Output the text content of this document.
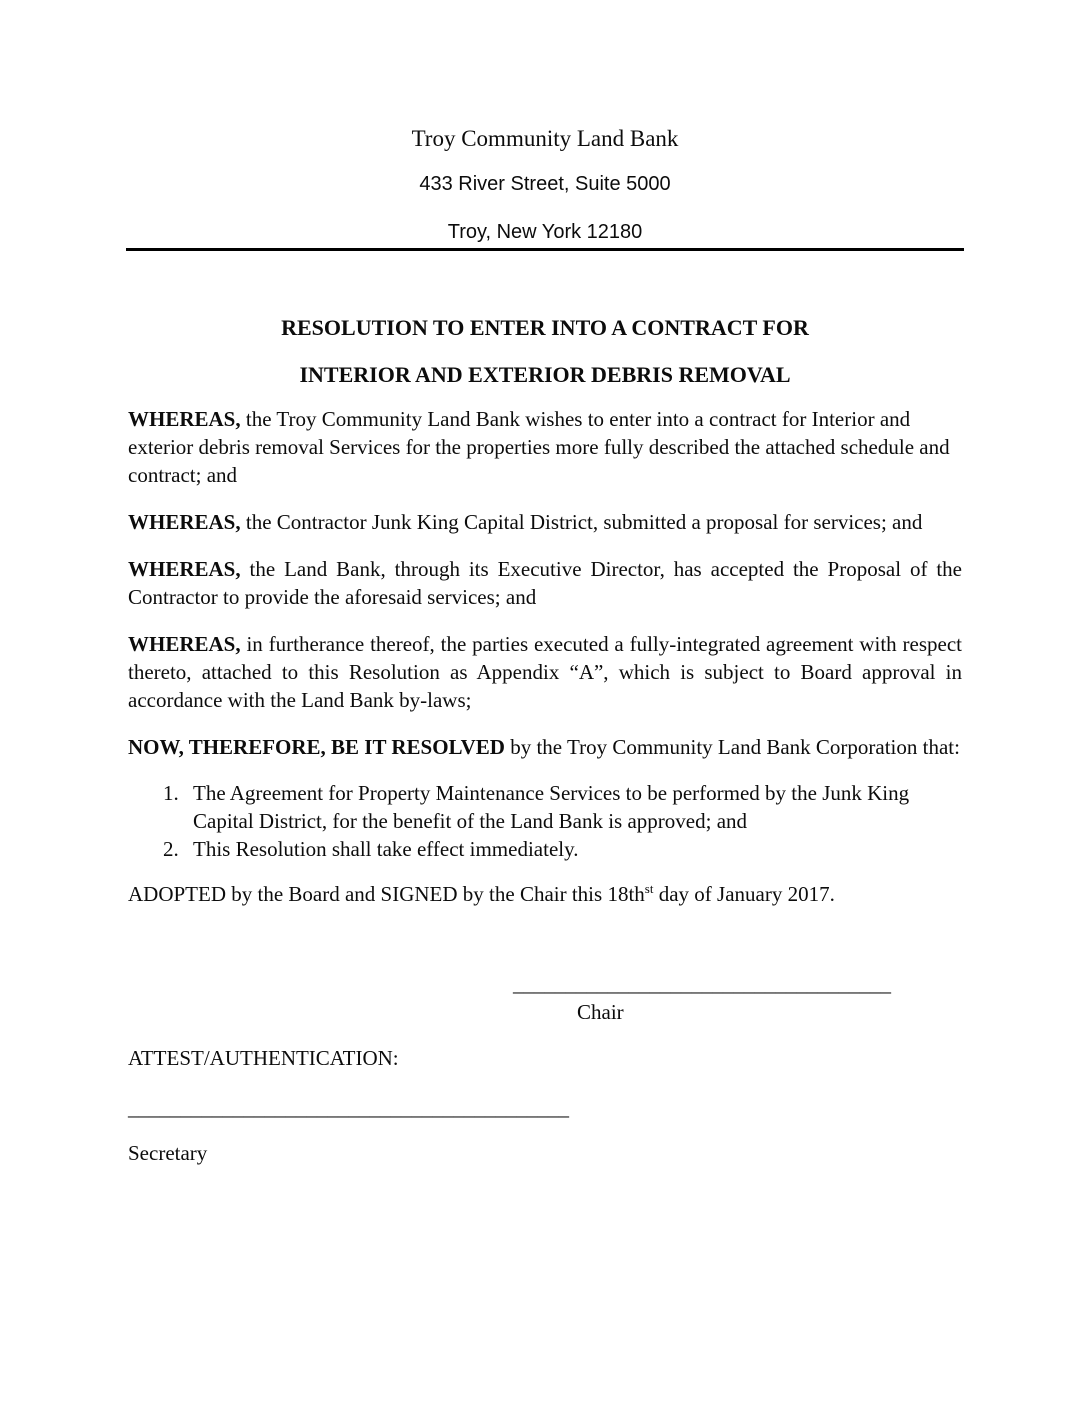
Troy Community Land Bank
433 River Street, Suite 5000
Troy, New York 12180
RESOLUTION TO ENTER INTO A CONTRACT FOR
INTERIOR AND EXTERIOR DEBRIS REMOVAL

WHEREAS, the Troy Community Land Bank wishes to enter into a contract for Interior and exterior debris removal Services for the properties more fully described the attached schedule and contract; and

WHEREAS, the Contractor Junk King Capital District, submitted a proposal for services; and

WHEREAS, the Land Bank, through its Executive Director, has accepted the Proposal of the Contractor to provide the aforesaid services; and

WHEREAS, in furtherance thereof, the parties executed a fully-integrated agreement with respect thereto, attached to this Resolution as Appendix “A”, which is subject to Board approval in accordance with the Land Bank by-laws;

NOW, THEREFORE, BE IT RESOLVED by the Troy Community Land Bank Corporation that:

1. The Agreement for Property Maintenance Services to be performed by the Junk King Capital District, for the benefit of the Land Bank is approved; and
2. This Resolution shall take effect immediately.

ADOPTED by the Board and SIGNED by the Chair this $18th^{st}$ day of January 2017.

____________________________________
Chair
ATTEST/AUTHENTICATION:
__________________________________________
Secretary
